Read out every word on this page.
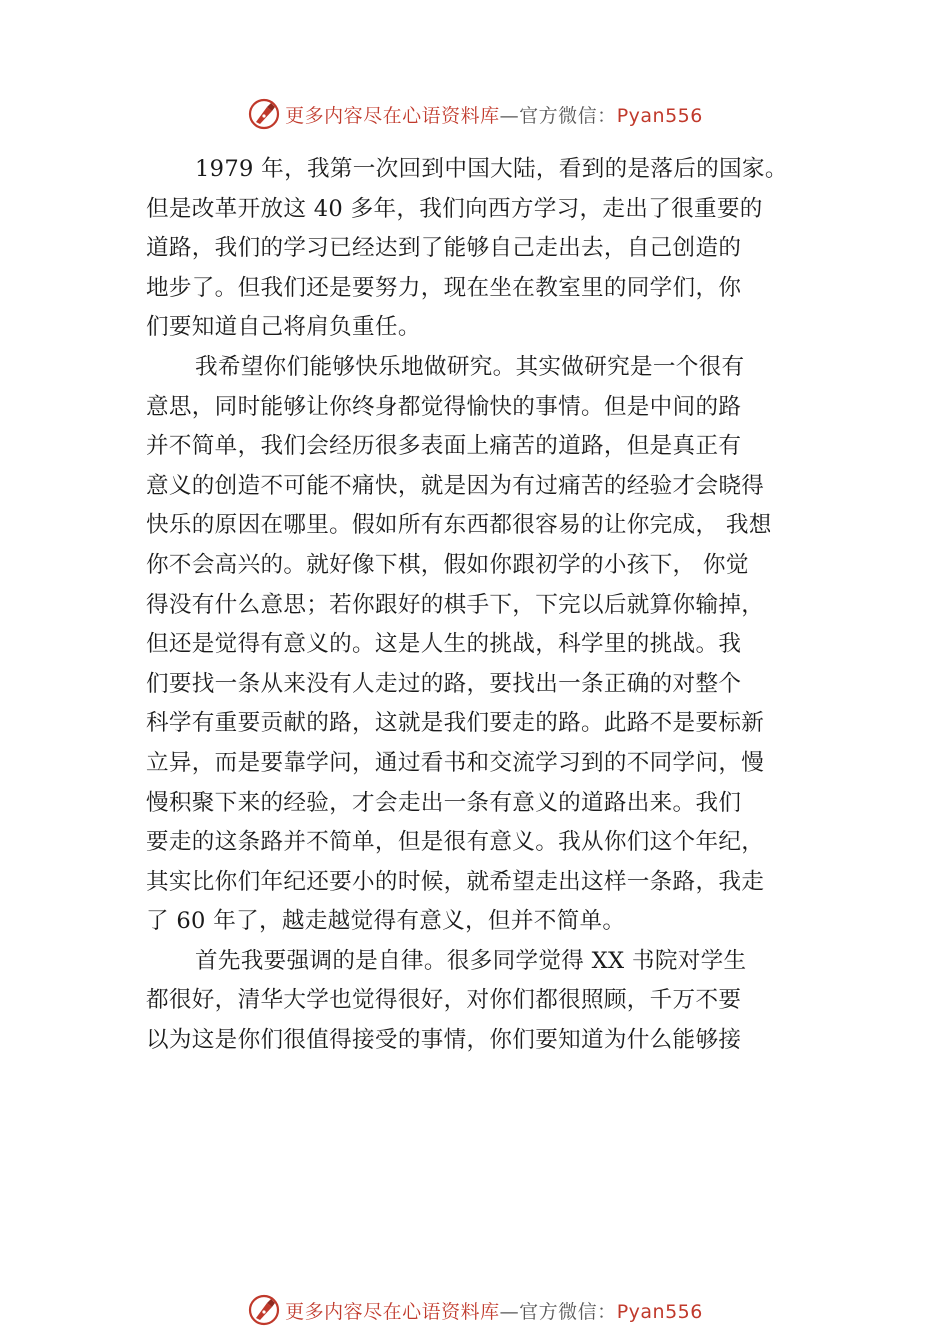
更多内容尽在心语资料库—官方微信：Pyan556
1979 年，我第一次回到中国大陆，看到的是落后的国家。
但是改革开放这 40 多年，我们向西方学习，走出了很重要的
道路，我们的学习已经达到了能够自己走出去，自己创造的
地步了。但我们还是要努力，现在坐在教室里的同学们，你
们要知道自己将肩负重任。
我希望你们能够快乐地做研究。其实做研究是一个很有
意思，同时能够让你终身都觉得愉快的事情。但是中间的路
并不简单，我们会经历很多表面上痛苦的道路，但是真正有
意义的创造不可能不痛快，就是因为有过痛苦的经验才会晓得
快乐的原因在哪里。假如所有东西都很容易的让你完成， 我想
你不会高兴的。就好像下棋，假如你跟初学的小孩下， 你觉
得没有什么意思；若你跟好的棋手下，下完以后就算你输掉，
但还是觉得有意义的。这是人生的挑战，科学里的挑战。我
们要找一条从来没有人走过的路，要找出一条正确的对整个
科学有重要贡献的路，这就是我们要走的路。此路不是要标新
立异，而是要靠学问，通过看书和交流学习到的不同学问，慢
慢积聚下来的经验，才会走出一条有意义的道路出来。我们
要走的这条路并不简单，但是很有意义。我从你们这个年纪，
其实比你们年纪还要小的时候，就希望走出这样一条路，我走
了 60 年了，越走越觉得有意义，但并不简单。
首先我要强调的是自律。很多同学觉得 XX 书院对学生
都很好，清华大学也觉得很好，对你们都很照顾，千万不要
以为这是你们很值得接受的事情，你们要知道为什么能够接
更多内容尽在心语资料库—官方微信：Pyan556
